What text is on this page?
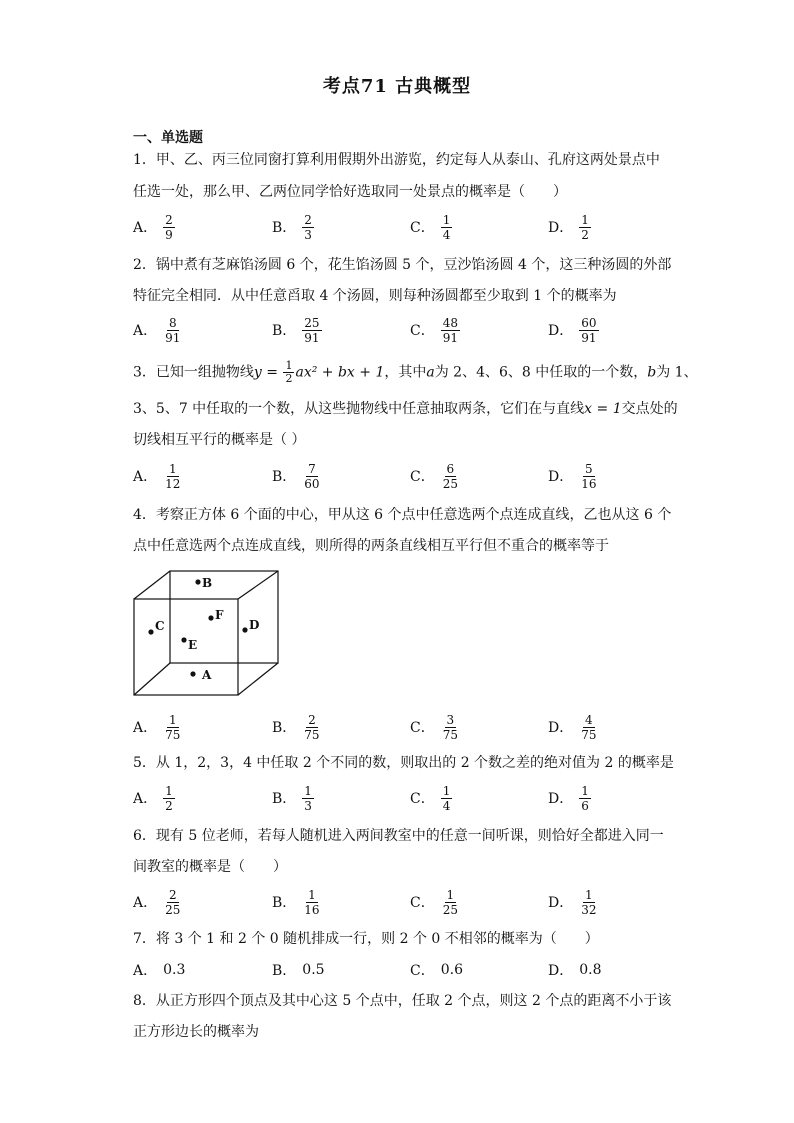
考点71 古典概型
一、单选题
1．甲、乙、丙三位同窗打算利用假期外出游览，约定每人从泰山、孔府这两处景点中
任选一处，那么甲、乙两位同学恰好选取同一处景点的概率是（　　）
A． $\frac{2}{9}$	B． $\frac{2}{3}$	C． $\frac{1}{4}$	D． $\frac{1}{2}$
2．锅中煮有芝麻馅汤圆 6 个，花生馅汤圆 5 个，豆沙馅汤圆 4 个，这三种汤圆的外部
特征完全相同．从中任意舀取 4 个汤圆，则每种汤圆都至少取到 1 个的概率为
A． $\frac{8}{91}$	B． $\frac{25}{91}$	C． $\frac{48}{91}$	D． $\frac{60}{91}$
3．已知一组抛物线$y = \frac{1}{2} ax^2$ + bx + 1，其中a为 2、4、6、8 中任取的一个数，b为 1、
3、5、7 中任取的一个数，从这些抛物线中任意抽取两条，它们在与直线x = 1交点处的
切线相互平行的概率是（ ）
A． $\frac{1}{12}$	B． $\frac{7}{60}$	C． $\frac{6}{25}$	D． $\frac{5}{16}$
4．考察正方体 6 个面的中心，甲从这 6 个点中任意选两个点连成直线，乙也从这 6 个
点中任意选两个点连成直线，则所得的两条直线相互平行但不重合的概率等于
B
C	D
E
F
A
A． $\frac{1}{75}$	B． $\frac{2}{75}$	C． $\frac{3}{75}$	D． $\frac{4}{75}$
5．从 1，2，3，4 中任取 2 个不同的数，则取出的 2 个数之差的绝对值为 2 的概率是
A． $\frac{1}{2}$	B． $\frac{1}{3}$	C． $\frac{1}{4}$	D． $\frac{1}{6}$
6．现有 5 位老师，若每人随机进入两间教室中的任意一间听课，则恰好全都进入同一
间教室的概率是（　　）
A． $\frac{2}{25}$	B． $\frac{1}{16}$	C． $\frac{1}{25}$	D． $\frac{1}{32}$
7．将 3 个 1 和 2 个 0 随机排成一行，则 2 个 0 不相邻的概率为（　　）
A． 0.3	B． 0.5	C． 0.6	D． 0.8
8．从正方形四个顶点及其中心这 5 个点中，任取 2 个点，则这 2 个点的距离不小于该
正方形边长的概率为
